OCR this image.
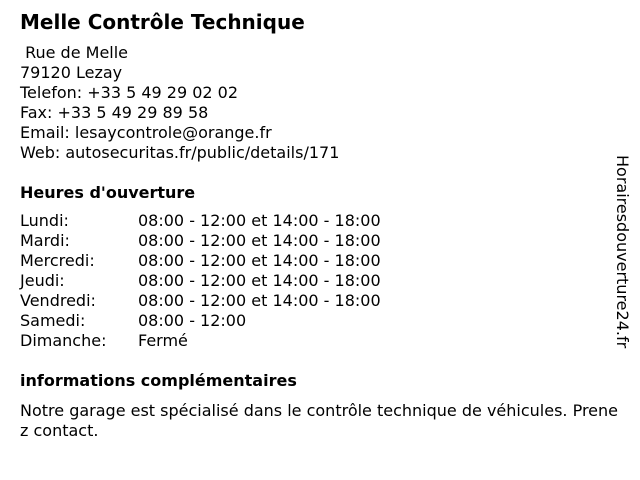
Melle Contrôle Technique
Rue de Melle
79120 Lezay
Telefon: +33 5 49 29 02 02
Fax: +33 5 49 29 89 58
Email: lesaycontrole@orange.fr
Web: autosecuritas.fr/public/details/171
Heures d'ouverture
Lundi:	08:00 - 12:00 et 14:00 - 18:00
Mardi:	08:00 - 12:00 et 14:00 - 18:00
Mercredi:	08:00 - 12:00 et 14:00 - 18:00
Jeudi:	08:00 - 12:00 et 14:00 - 18:00
Vendredi:	08:00 - 12:00 et 14:00 - 18:00
Samedi:	08:00 - 12:00
Dimanche:	Fermé
informations complémentaires
Notre garage est spécialisé dans le contrôle technique de véhicules. Prenez contact.
Horairesdouverture24.fr
